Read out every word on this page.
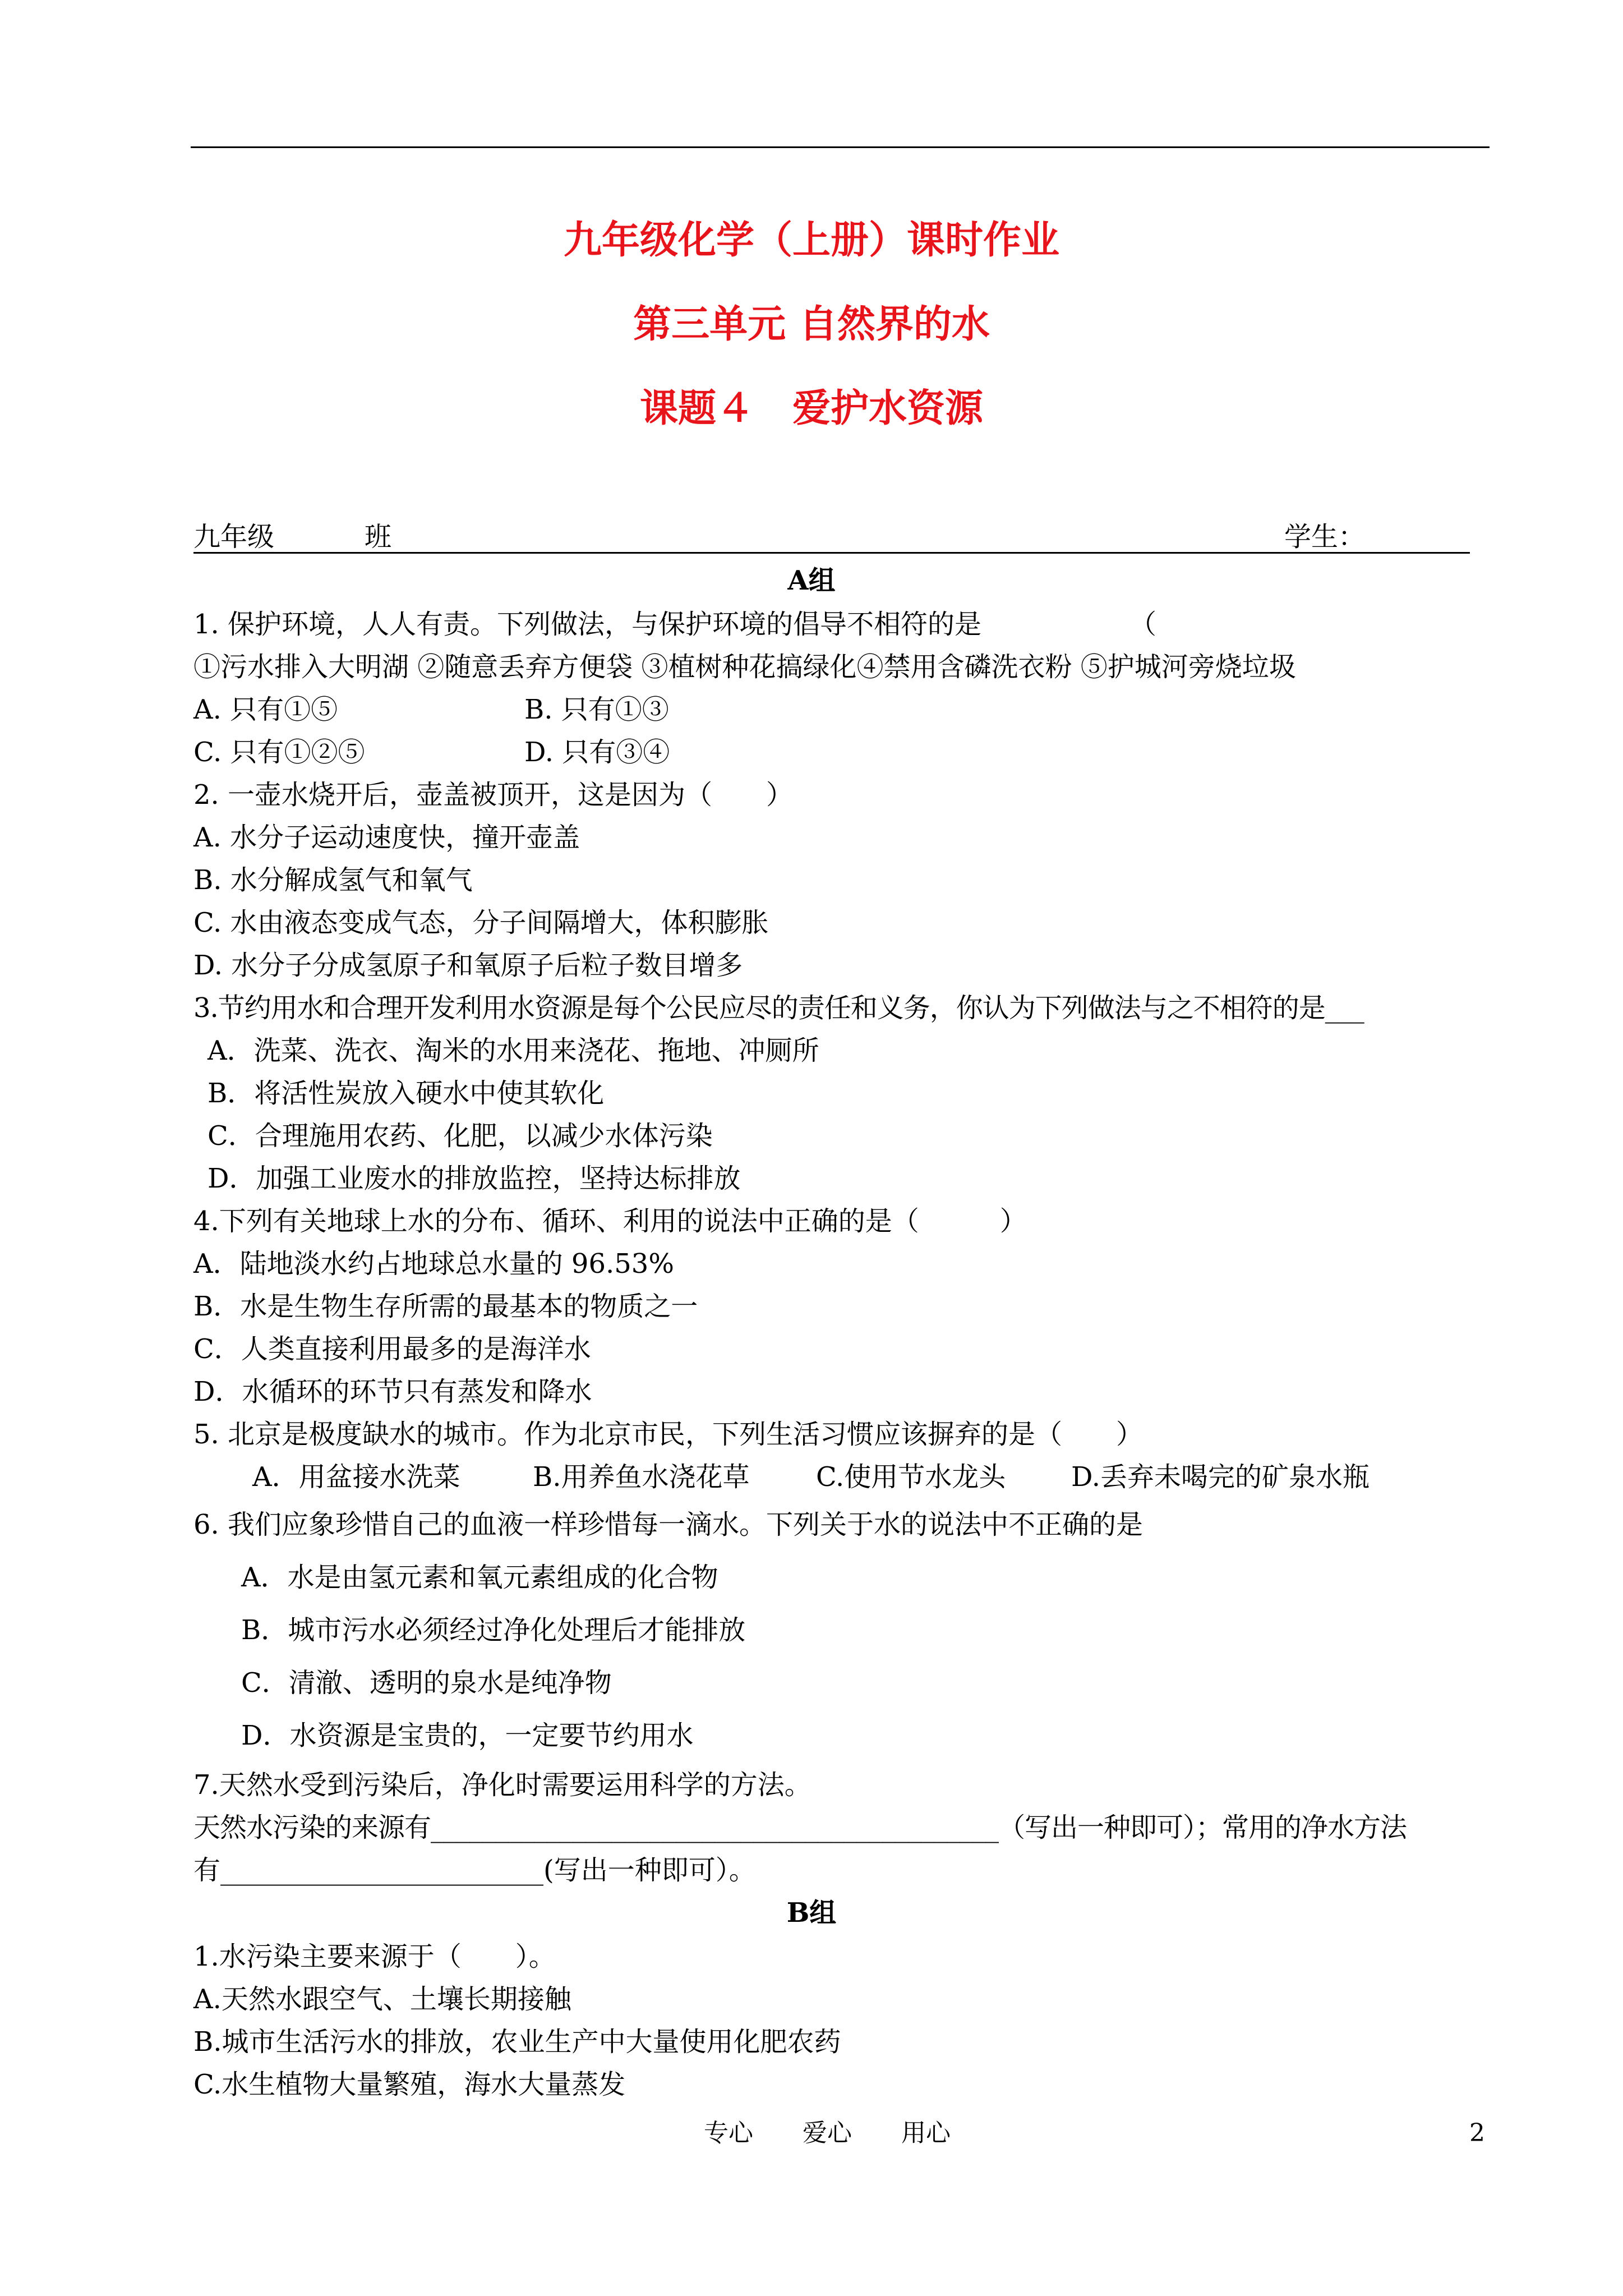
九年级化学（上册）课时作业
第三单元 自然界的水
课题４　爱护水资源
九年级	班	学生：
A组
1. 保护环境，人人有责。下列做法，与保护环境的倡导不相符的是　　　　　　（
①污水排入大明湖 ②随意丢弃方便袋 ③植树种花搞绿化④禁用含磷洗衣粉 ⑤护城河旁烧垃圾
A. 只有①⑤	B. 只有①③
C. 只有①②⑤	D. 只有③④
2. 一壶水烧开后，壶盖被顶开，这是因为（　　）
A. 水分子运动速度快，撞开壶盖
B. 水分解成氢气和氧气
C. 水由液态变成气态，分子间隔增大，体积膨胀
D. 水分子分成氢原子和氧原子后粒子数目增多
3.节约用水和合理开发利用水资源是每个公民应尽的责任和义务，你认为下列做法与之不相符的是___
A．洗菜、洗衣、淘米的水用来浇花、拖地、冲厕所
B．将活性炭放入硬水中使其软化
C．合理施用农药、化肥，以减少水体污染
D．加强工业废水的排放监控，坚持达标排放
4.下列有关地球上水的分布、循环、利用的说法中正确的是（　　　）
A．陆地淡水约占地球总水量的 96.53%
B．水是生物生存所需的最基本的物质之一
C．人类直接利用最多的是海洋水
D．水循环的环节只有蒸发和降水
5. 北京是极度缺水的城市。作为北京市民，下列生活习惯应该摒弃的是（　　）
A．用盆接水洗菜	B.用养鱼水浇花草 C.使用节水龙头 D.丢弃未喝完的矿泉水瓶
6. 我们应象珍惜自己的血液一样珍惜每一滴水。下列关于水的说法中不正确的是
A．水是由氢元素和氧元素组成的化合物
B．城市污水必须经过净化处理后才能排放
C．清澈、透明的泉水是纯净物
D．水资源是宝贵的，一定要节约用水
7.天然水受到污染后，净化时需要运用科学的方法。
天然水污染的来源有____________________________________________（写出一种即可）；常用的净水方法
有________________________(写出一种即可）。
B组
1.水污染主要来源于（　　）。
A.天然水跟空气、土壤长期接触
B.城市生活污水的排放，农业生产中大量使用化肥农药
C.水生植物大量繁殖，海水大量蒸发
专心　　爱心　　用心	2
